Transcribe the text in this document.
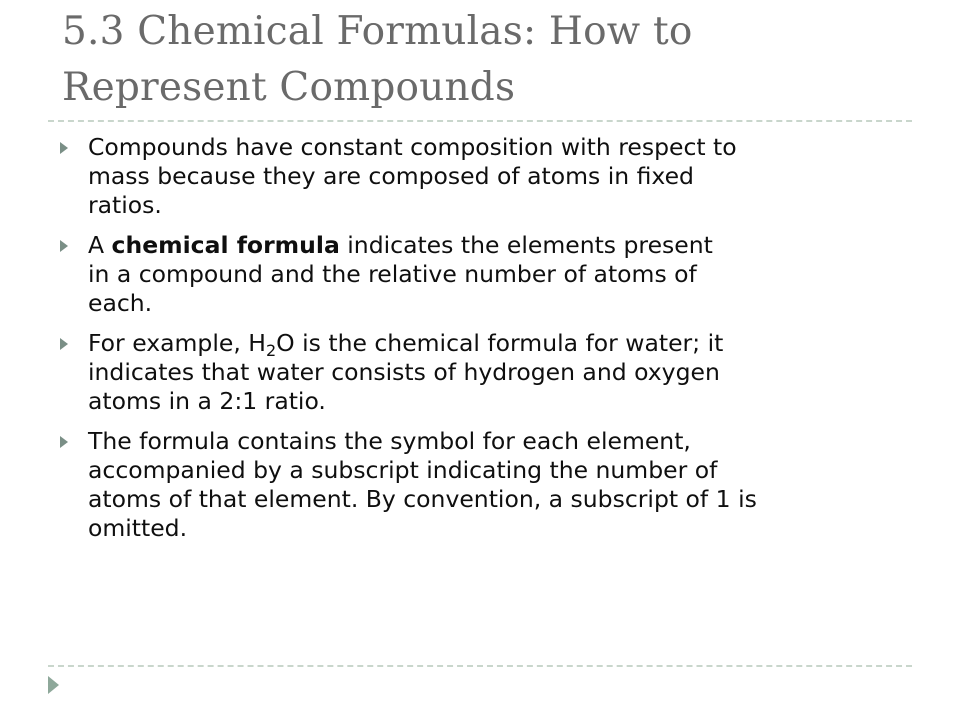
5.3 Chemical Formulas: How to
Represent Compounds
Compounds have constant composition with respect to
mass because they are composed of atoms in fixed
ratios.
A chemical formula indicates the elements present
in a compound and the relative number of atoms of
each.
For example, $H_2O$ is the chemical formula for water; it
indicates that water consists of hydrogen and oxygen
atoms in a 2:1 ratio.
The formula contains the symbol for each element,
accompanied by a subscript indicating the number of
atoms of that element. By convention, a subscript of 1 is
omitted.
